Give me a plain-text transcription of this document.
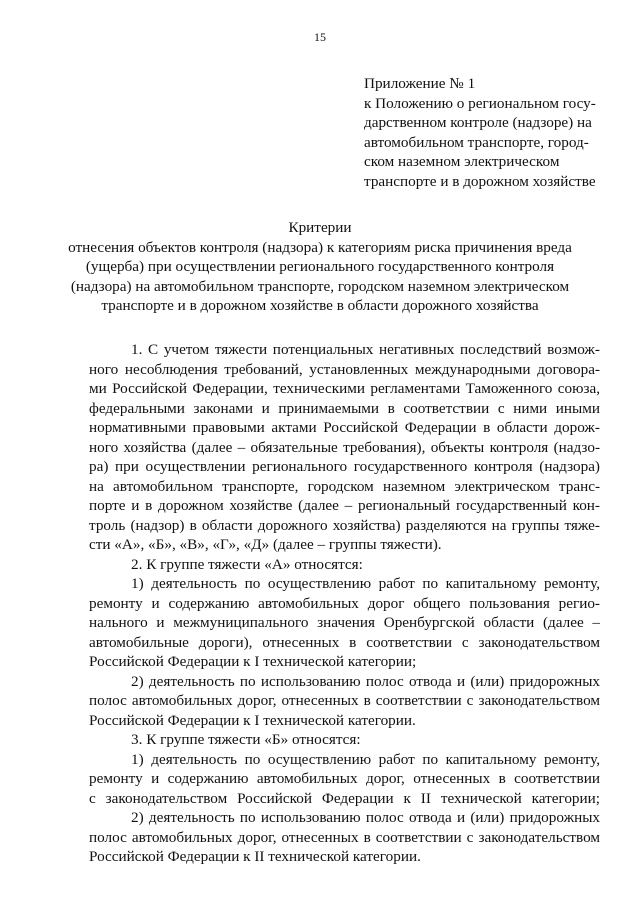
15
Приложение № 1
к Положению о региональном госу-
дарственном контроле (надзоре) на
автомобильном транспорте, город-
ском наземном электрическом
транспорте и в дорожном хозяйстве
Критерии
отнесения объектов контроля (надзора) к категориям риска причинения вреда
(ущерба) при осуществлении регионального государственного контроля
(надзора) на автомобильном транспорте, городском наземном электрическом
транспорте и в дорожном хозяйстве в области дорожного хозяйства
1. С учетом тяжести потенциальных негативных последствий возмож-
ного несоблюдения требований, установленных международными договора-
ми Российской Федерации, техническими регламентами Таможенного союза,
федеральными законами и принимаемыми в соответствии с ними иными
нормативными правовыми актами Российской Федерации в области дорож-
ного хозяйства (далее – обязательные требования), объекты контроля (надзо-
ра) при осуществлении регионального государственного контроля (надзора)
на автомобильном транспорте, городском наземном электрическом транс-
порте и в дорожном хозяйстве (далее – региональный государственный кон-
троль (надзор) в области дорожного хозяйства) разделяются на группы тяже-
сти «А», «Б», «В», «Г», «Д» (далее – группы тяжести).
2. К группе тяжести «А» относятся:
1) деятельность по осуществлению работ по капитальному ремонту,
ремонту и содержанию автомобильных дорог общего пользования регио-
нального и межмуниципального значения Оренбургской области (далее –
автомобильные дороги), отнесенных в соответствии с законодательством
Российской Федерации к I технической категории;
2) деятельность по использованию полос отвода и (или) придорожных
полос автомобильных дорог, отнесенных в соответствии с законодательством
Российской Федерации к I технической категории.
3. К группе тяжести «Б» относятся:
1) деятельность по осуществлению работ по капитальному ремонту,
ремонту и содержанию автомобильных дорог, отнесенных в соответствии
с законодательством Российской Федерации к II технической категории;
2) деятельность по использованию полос отвода и (или) придорожных
полос автомобильных дорог, отнесенных в соответствии с законодательством
Российской Федерации к II технической категории.
